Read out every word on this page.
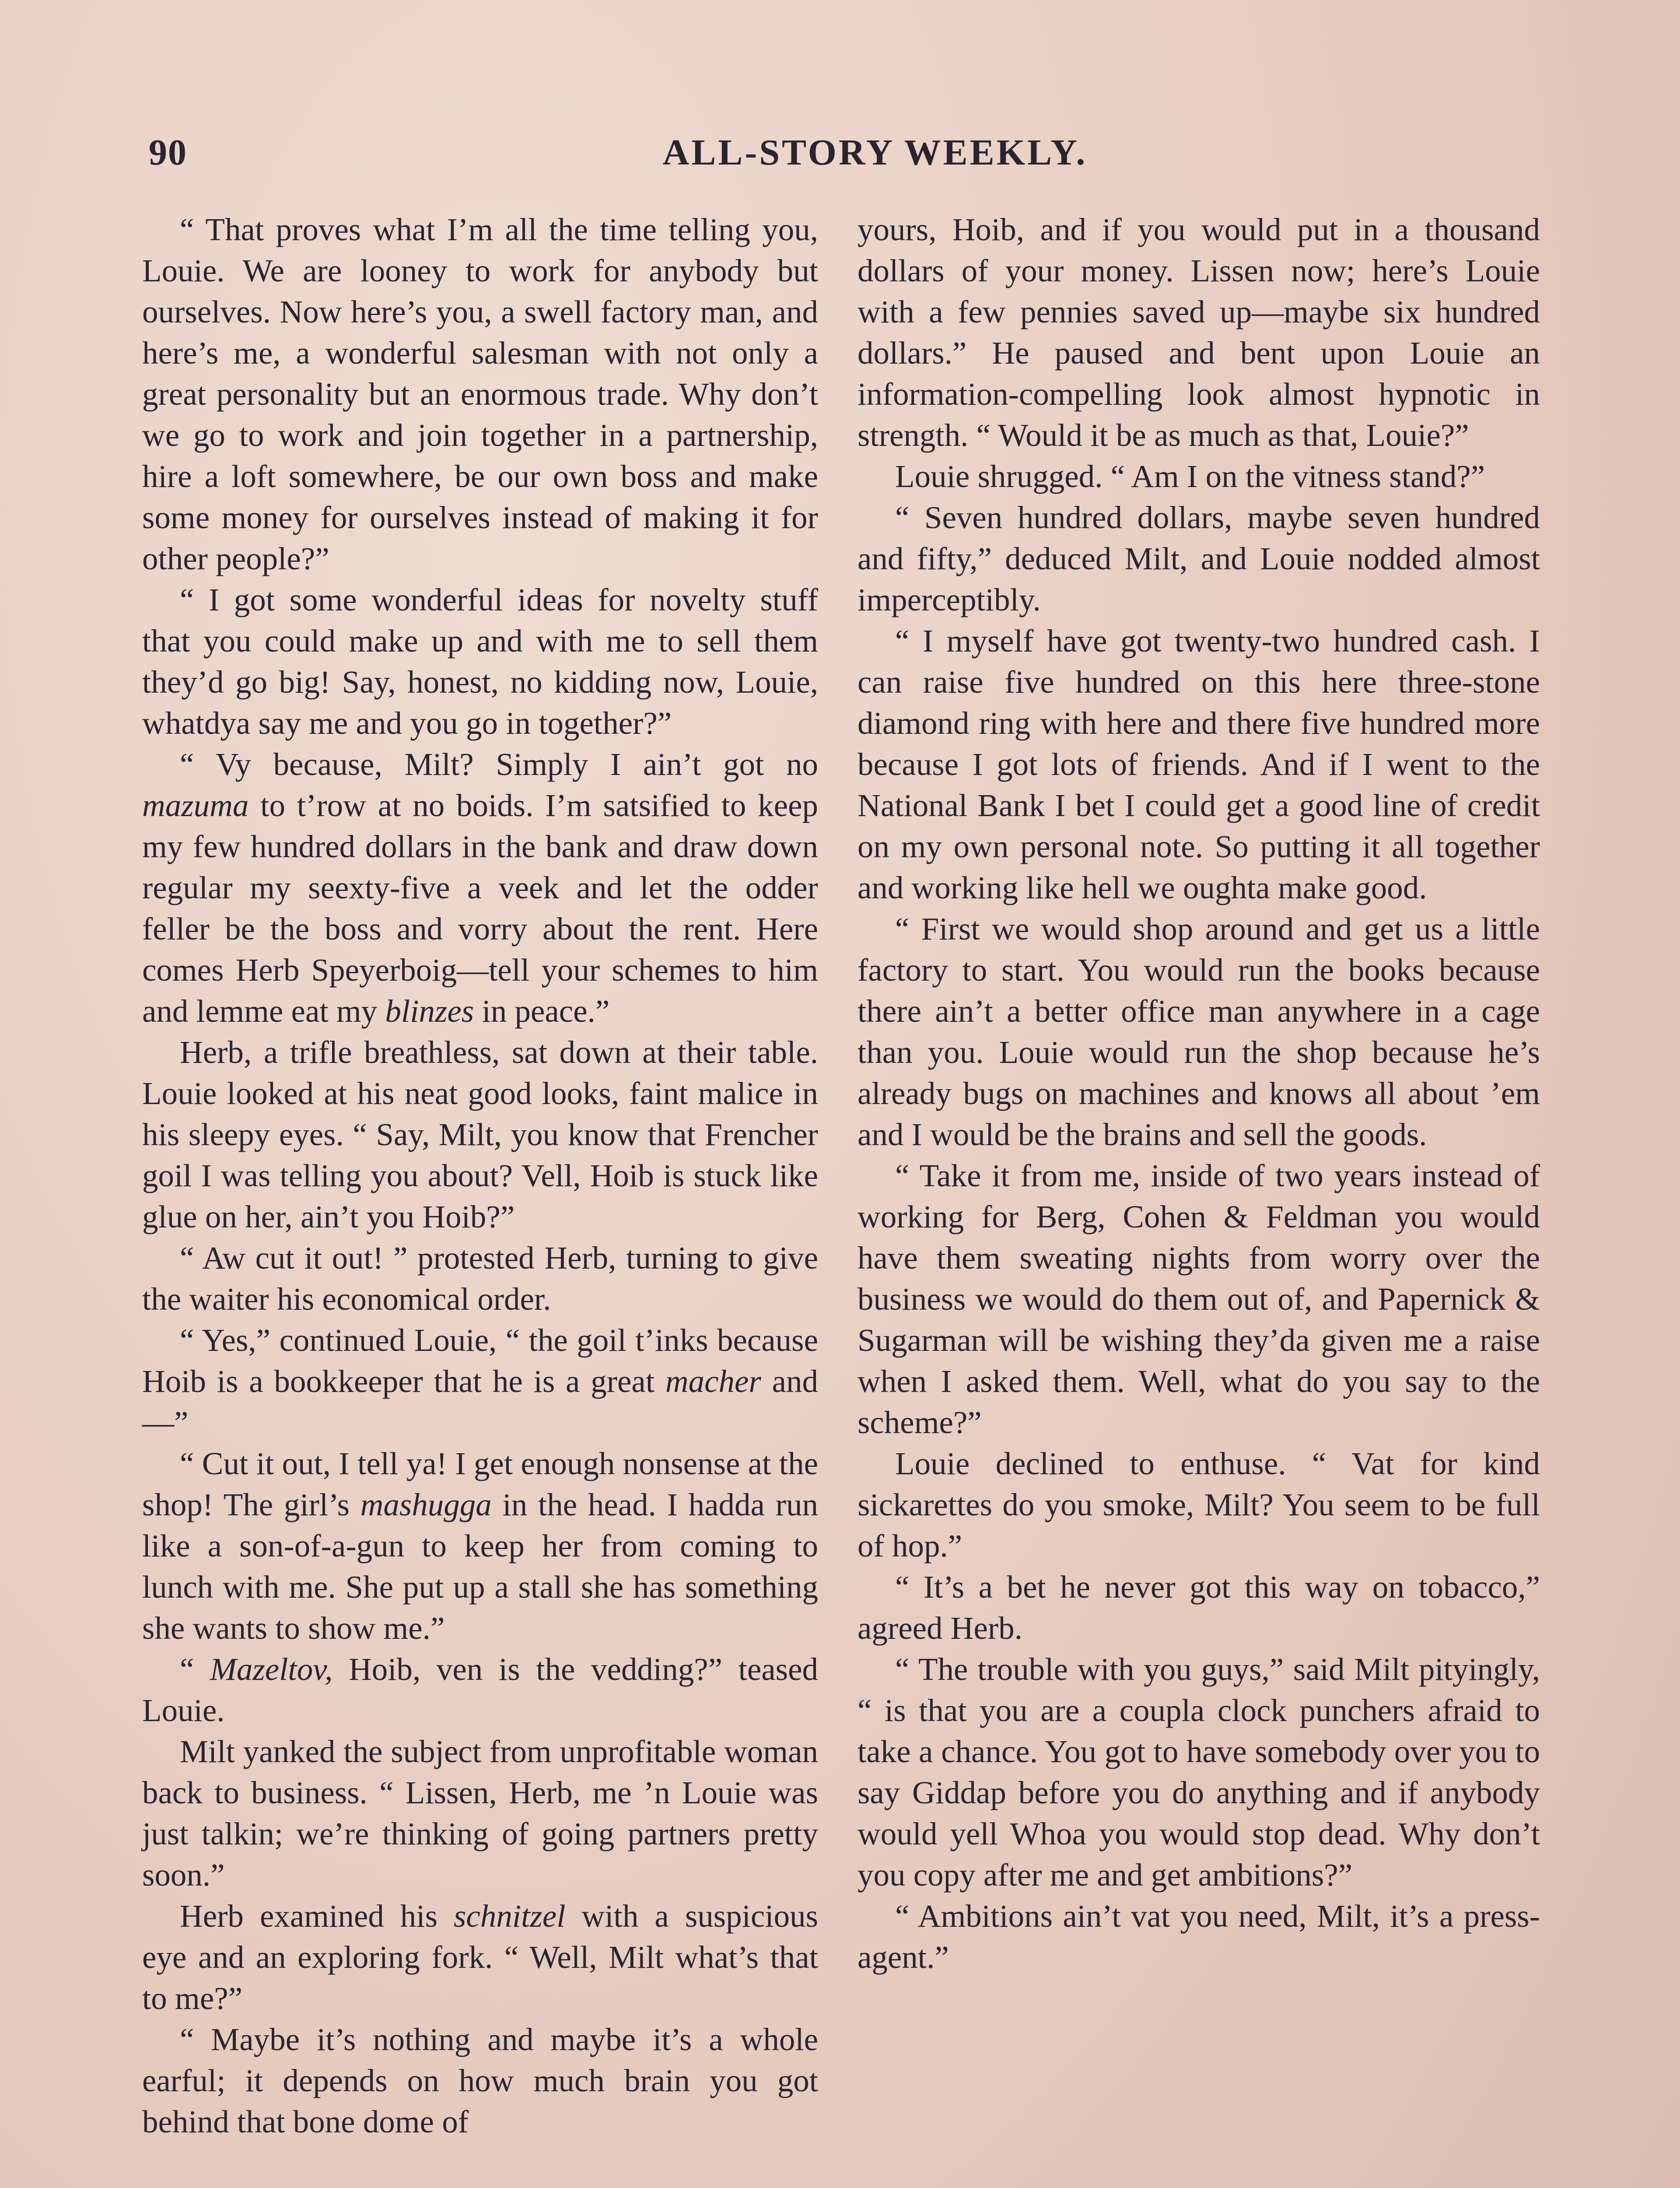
90	ALL-STORY WEEKLY.

“ That proves what I’m all the time telling you, Louie. We are looney to work for anybody but ourselves. Now here’s you, a swell factory man, and here’s me, a wonderful salesman with not only a great personality but an enormous trade. Why don’t we go to work and join together in a partnership, hire a loft somewhere, be our own boss and make some money for ourselves instead of making it for other people?”

“ I got some wonderful ideas for novelty stuff that you could make up and with me to sell them they’d go big! Say, honest, no kidding now, Louie, whatdya say me and you go in together?”

“ Vy because, Milt? Simply I ain’t got no mazuma to t’row at no boids. I’m satsified to keep my few hundred dollars in the bank and draw down regular my seexty-five a veek and let the odder feller be the boss and vorry about the rent. Here comes Herb Speyerboig—tell your schemes to him and lemme eat my blinzes in peace.”

Herb, a trifle breathless, sat down at their table. Louie looked at his neat good looks, faint malice in his sleepy eyes. “ Say, Milt, you know that Frencher goil I was telling you about? Vell, Hoib is stuck like glue on her, ain’t you Hoib?”

“ Aw cut it out! ” protested Herb, turning to give the waiter his economical order.

“ Yes,” continued Louie, “ the goil t’inks because Hoib is a bookkeeper that he is a great macher and—”

“ Cut it out, I tell ya! I get enough nonsense at the shop! The girl’s mashugga in the head. I hadda run like a son-of-a-gun to keep her from coming to lunch with me. She put up a stall she has something she wants to show me.”

“ Mazeltov, Hoib, ven is the vedding?” teased Louie.

Milt yanked the subject from unprofitable woman back to business. “ Lissen, Herb, me ’n Louie was just talkin; we’re thinking of going partners pretty soon.”

Herb examined his schnitzel with a suspicious eye and an exploring fork. “ Well, Milt what’s that to me?”

“ Maybe it’s nothing and maybe it’s a whole earful; it depends on how much brain you got behind that bone dome of

yours, Hoib, and if you would put in a thousand dollars of your money. Lissen now; here’s Louie with a few pennies saved up—maybe six hundred dollars.” He paused and bent upon Louie an information-compelling look almost hypnotic in strength. “ Would it be as much as that, Louie?”

Louie shrugged. “ Am I on the vitness stand?”

“ Seven hundred dollars, maybe seven hundred and fifty,” deduced Milt, and Louie nodded almost imperceptibly.

“ I myself have got twenty-two hundred cash. I can raise five hundred on this here three-stone diamond ring with here and there five hundred more because I got lots of friends. And if I went to the National Bank I bet I could get a good line of credit on my own personal note. So putting it all together and working like hell we oughta make good.

“ First we would shop around and get us a little factory to start. You would run the books because there ain’t a better office man anywhere in a cage than you. Louie would run the shop because he’s already bugs on machines and knows all about ’em and I would be the brains and sell the goods.

“ Take it from me, inside of two years instead of working for Berg, Cohen & Feldman you would have them sweating nights from worry over the business we would do them out of, and Papernick & Sugarman will be wishing they’da given me a raise when I asked them. Well, what do you say to the scheme?”

Louie declined to enthuse. “ Vat for kind sickarettes do you smoke, Milt? You seem to be full of hop.”

“ It’s a bet he never got this way on tobacco,” agreed Herb.

“ The trouble with you guys,” said Milt pityingly, “ is that you are a coupla clock punchers afraid to take a chance. You got to have somebody over you to say Giddap before you do anything and if anybody would yell Whoa you would stop dead. Why don’t you copy after me and get ambitions?”

“ Ambitions ain’t vat you need, Milt, it’s a press-agent.”
